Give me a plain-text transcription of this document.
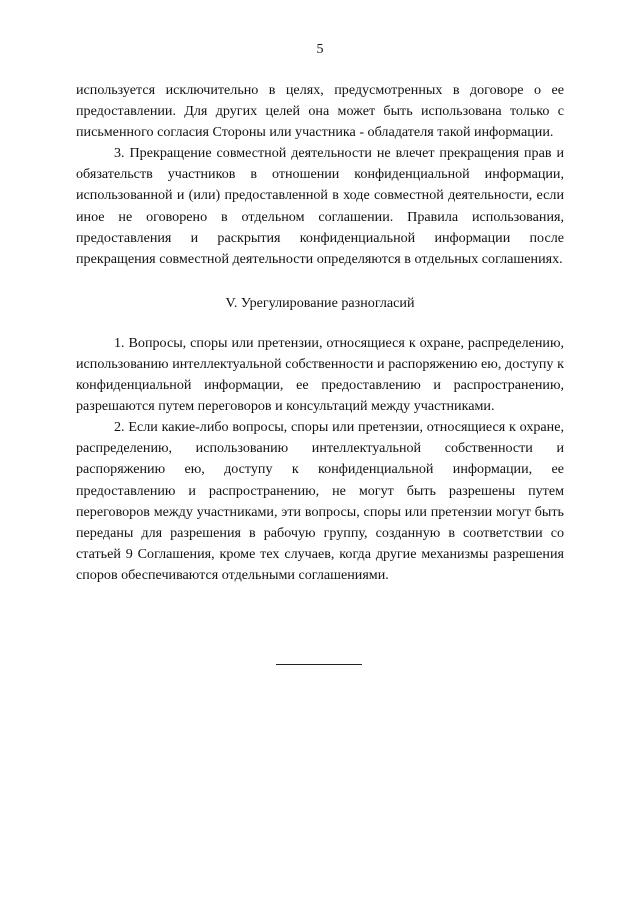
5

используется исключительно в целях, предусмотренных в договоре о ее предоставлении. Для других целей она может быть использована только с письменного согласия Стороны или участника - обладателя такой информации.

3. Прекращение совместной деятельности не влечет прекращения прав и обязательств участников в отношении конфиденциальной информации, использованной и (или) предоставленной в ходе совместной деятельности, если иное не оговорено в отдельном соглашении. Правила использования, предоставления и раскрытия конфиденциальной информации после прекращения совместной деятельности определяются в отдельных соглашениях.

V. Урегулирование разногласий

1. Вопросы, споры или претензии, относящиеся к охране, распределению, использованию интеллектуальной собственности и распоряжению ею, доступу к конфиденциальной информации, ее предоставлению и распространению, разрешаются путем переговоров и консультаций между участниками.

2. Если какие-либо вопросы, споры или претензии, относящиеся к охране, распределению, использованию интеллектуальной собственности и распоряжению ею, доступу к конфиденциальной информации, ее предоставлению и распространению, не могут быть разрешены путем переговоров между участниками, эти вопросы, споры или претензии могут быть переданы для разрешения в рабочую группу, созданную в соответствии со статьей 9 Соглашения, кроме тех случаев, когда другие механизмы разрешения споров обеспечиваются отдельными соглашениями.
